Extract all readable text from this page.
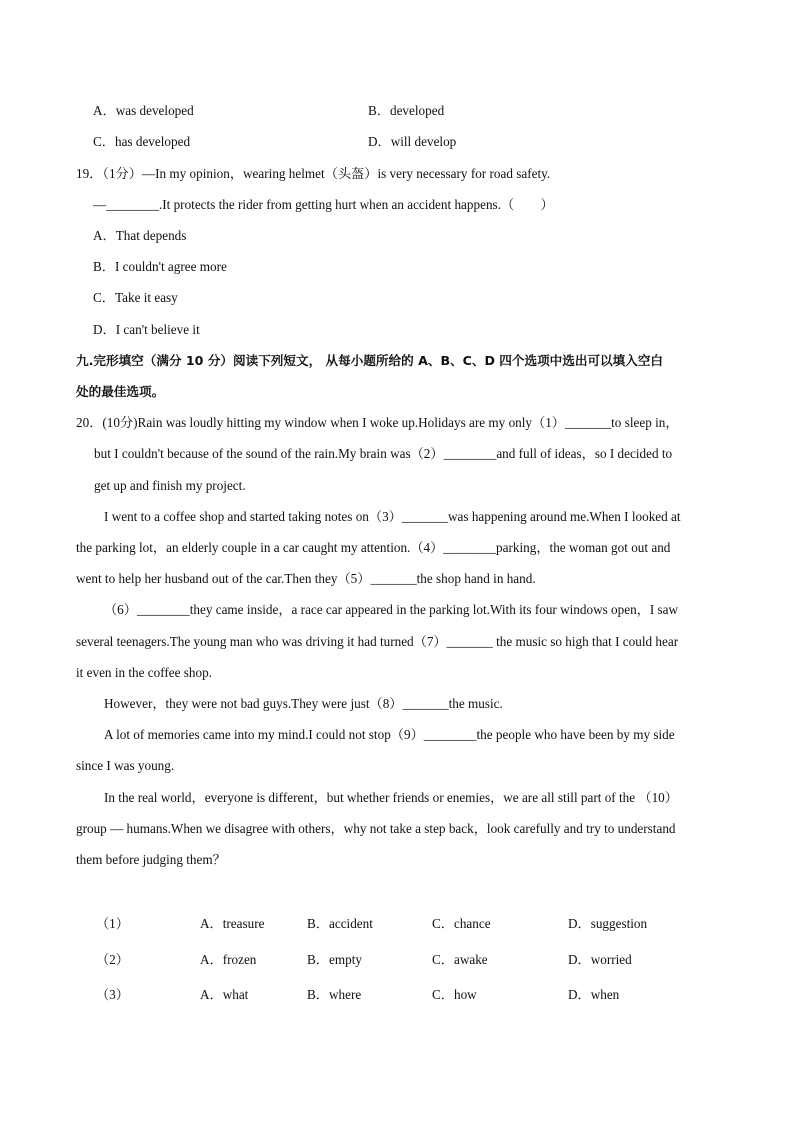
A．was developed	B．developed
C．has developed	D．will develop
19．（1分）—In my opinion，wearing helmet（头盔）is very necessary for road safety.
—________.It protects the rider from getting hurt when an accident happens.（　　）
A．That depends
B．I couldn't agree more
C．Take it easy
D．I can't believe it
九.完形填空（满分 10 分）阅读下列短文， 从每小题所给的 A、B、C、D 四个选项中选出可以填入空白
处的最佳选项。
20．(10分)Rain was loudly hitting my window when I woke up.Holidays are my only（1）_______to sleep in，
but I couldn't because of the sound of the rain.My brain was（2）________and full of ideas，so I decided to
get up and finish my project.
I went to a coffee shop and started taking notes on（3）_______was happening around me.When I looked at
the parking lot，an elderly couple in a car caught my attention.（4）________parking，the woman got out and
went to help her husband out of the car.Then they（5）_______the shop hand in hand.
（6）________they came inside，a race car appeared in the parking lot.With its four windows open，I saw
several teenagers.The young man who was driving it had turned（7）_______ the music so high that I could hear
it even in the coffee shop.
However，they were not bad guys.They were just（8）_______the music.
A lot of memories came into my mind.I could not stop（9）________the people who have been by my side
since I was young.
In the real world，everyone is different，but whether friends or enemies，we are all still part of the （10）
group — humans.When we disagree with others，why not take a step back，look carefully and try to understand
them before judging them？
（1）	A．treasure	B．accident	C．chance	D．suggestion
（2）	A．frozen	B．empty	C．awake	D．worried
（3）	A．what	B．where	C．how	D．when
